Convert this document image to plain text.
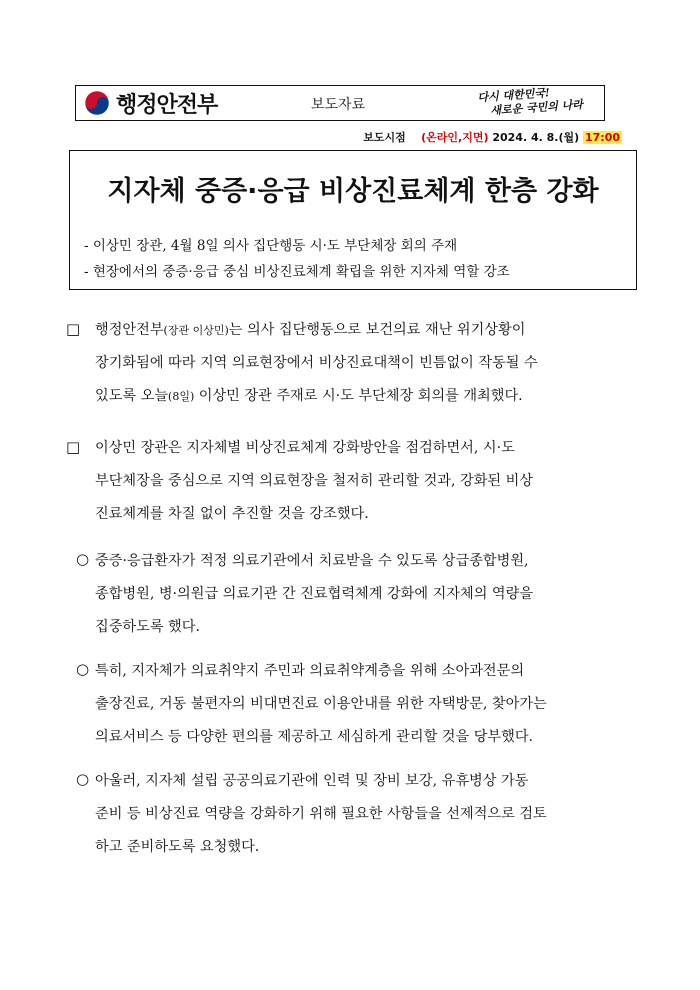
행정안전부	보도자료
다시 대한민국!
새로운 국민의 나라
보도시점 (온라인,지면) 2024. 4. 8.(월) 17:00
지자체 중증·응급 비상진료체계 한층 강화
- 이상민 장관, 4월 8일 의사 집단행동 시·도 부단체장 회의 주재
- 현장에서의 중증·응급 중심 비상진료체계 확립을 위한 지자체 역할 강조
□ 행정안전부(장관 이상민)는 의사 집단행동으로 보건의료 재난 위기상황이
장기화됨에 따라 지역 의료현장에서 비상진료대책이 빈틈없이 작동될 수
있도록 오늘(8일) 이상민 장관 주재로 시·도 부단체장 회의를 개최했다.
□ 이상민 장관은 지자체별 비상진료체계 강화방안을 점검하면서, 시·도
부단체장을 중심으로 지역 의료현장을 철저히 관리할 것과, 강화된 비상
진료체계를 차질 없이 추진할 것을 강조했다.
○ 중증·응급환자가 적정 의료기관에서 치료받을 수 있도록 상급종합병원,
종합병원, 병·의원급 의료기관 간 진료협력체계 강화에 지자체의 역량을
집중하도록 했다.
○ 특히, 지자체가 의료취약지 주민과 의료취약계층을 위해 소아과전문의
출장진료, 거동 불편자의 비대면진료 이용안내를 위한 자택방문, 찾아가는
의료서비스 등 다양한 편의를 제공하고 세심하게 관리할 것을 당부했다.
○ 아울러, 지자체 설립 공공의료기관에 인력 및 장비 보강, 유휴병상 가동
준비 등 비상진료 역량을 강화하기 위해 필요한 사항들을 선제적으로 검토
하고 준비하도록 요청했다.
